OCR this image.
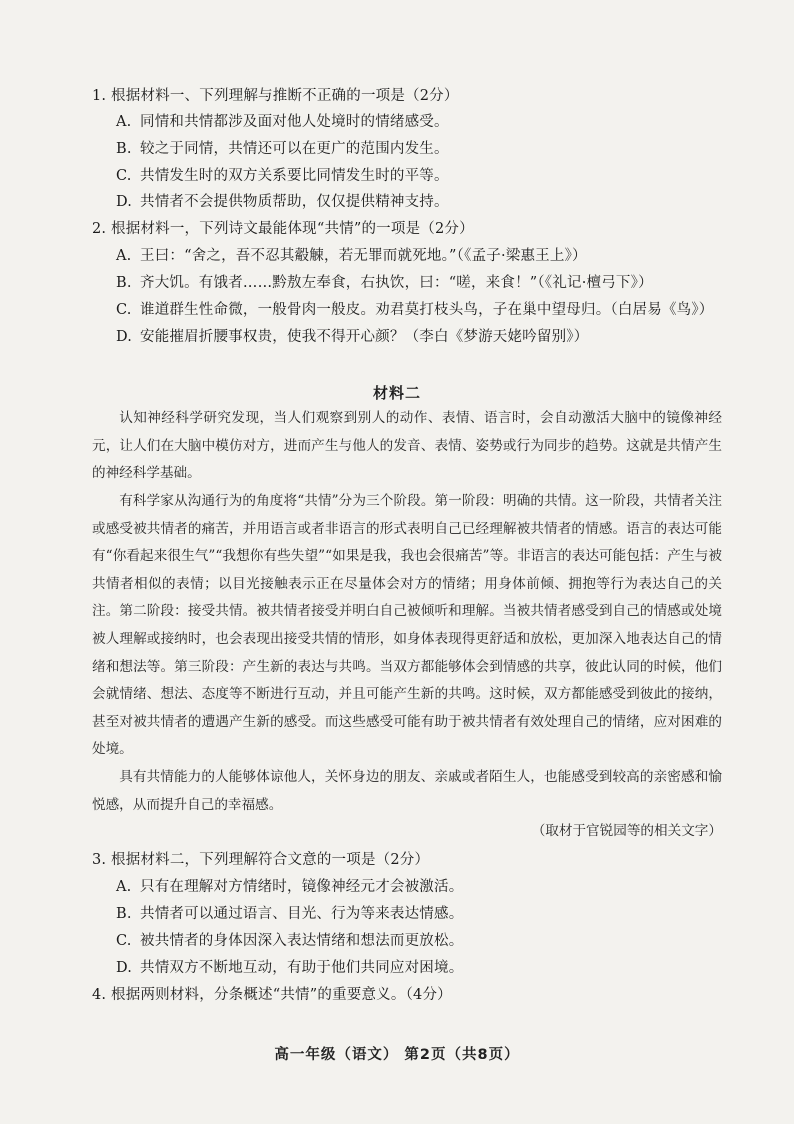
1. 根据材料一、下列理解与推断不正确的一项是（2分）
A. 同情和共情都涉及面对他人处境时的情绪感受。
B. 较之于同情，共情还可以在更广的范围内发生。
C. 共情发生时的双方关系要比同情发生时的平等。
D. 共情者不会提供物质帮助，仅仅提供精神支持。
2. 根据材料一，下列诗文最能体现“共情”的一项是（2分）
A. 王曰：“舍之，吾不忍其觳觫，若无罪而就死地。”（《孟子·梁惠王上》）
B. 齐大饥。有饿者……黔敖左奉食，右执饮，曰：“嗟，来食！”（《礼记·檀弓下》）
C. 谁道群生性命微，一般骨肉一般皮。劝君莫打枝头鸟，子在巢中望母归。（白居易《鸟》）
D. 安能摧眉折腰事权贵，使我不得开心颜？（李白《梦游天姥吟留别》）
材料二
认知神经科学研究发现，当人们观察到别人的动作、表情、语言时，会自动激活大脑中的镜像神经元，让人们在大脑中模仿对方，进而产生与他人的发音、表情、姿势或行为同步的趋势。这就是共情产生的神经科学基础。
有科学家从沟通行为的角度将“共情”分为三个阶段。第一阶段：明确的共情。这一阶段，共情者关注或感受被共情者的痛苦，并用语言或者非语言的形式表明自己已经理解被共情者的情感。语言的表达可能有“你看起来很生气”“我想你有些失望”“如果是我，我也会很痛苦”等。非语言的表达可能包括：产生与被共情者相似的表情；以目光接触表示正在尽量体会对方的情绪；用身体前倾、拥抱等行为表达自己的关注。第二阶段：接受共情。被共情者接受并明白自己被倾听和理解。当被共情者感受到自己的情感或处境被人理解或接纳时，也会表现出接受共情的情形，如身体表现得更舒适和放松，更加深入地表达自己的情绪和想法等。第三阶段：产生新的表达与共鸣。当双方都能够体会到情感的共享，彼此认同的时候，他们会就情绪、想法、态度等不断进行互动，并且可能产生新的共鸣。这时候，双方都能感受到彼此的接纳，甚至对被共情者的遭遇产生新的感受。而这些感受可能有助于被共情者有效处理自己的情绪，应对困难的处境。
具有共情能力的人能够体谅他人，关怀身边的朋友、亲戚或者陌生人，也能感受到较高的亲密感和愉悦感，从而提升自己的幸福感。
（取材于官锐园等的相关文字）
3. 根据材料二，下列理解符合文意的一项是（2分）
A. 只有在理解对方情绪时，镜像神经元才会被激活。
B. 共情者可以通过语言、目光、行为等来表达情感。
C. 被共情者的身体因深入表达情绪和想法而更放松。
D. 共情双方不断地互动，有助于他们共同应对困境。
4. 根据两则材料，分条概述“共情”的重要意义。（4分）
高一年级（语文） 第2页（共8页）
